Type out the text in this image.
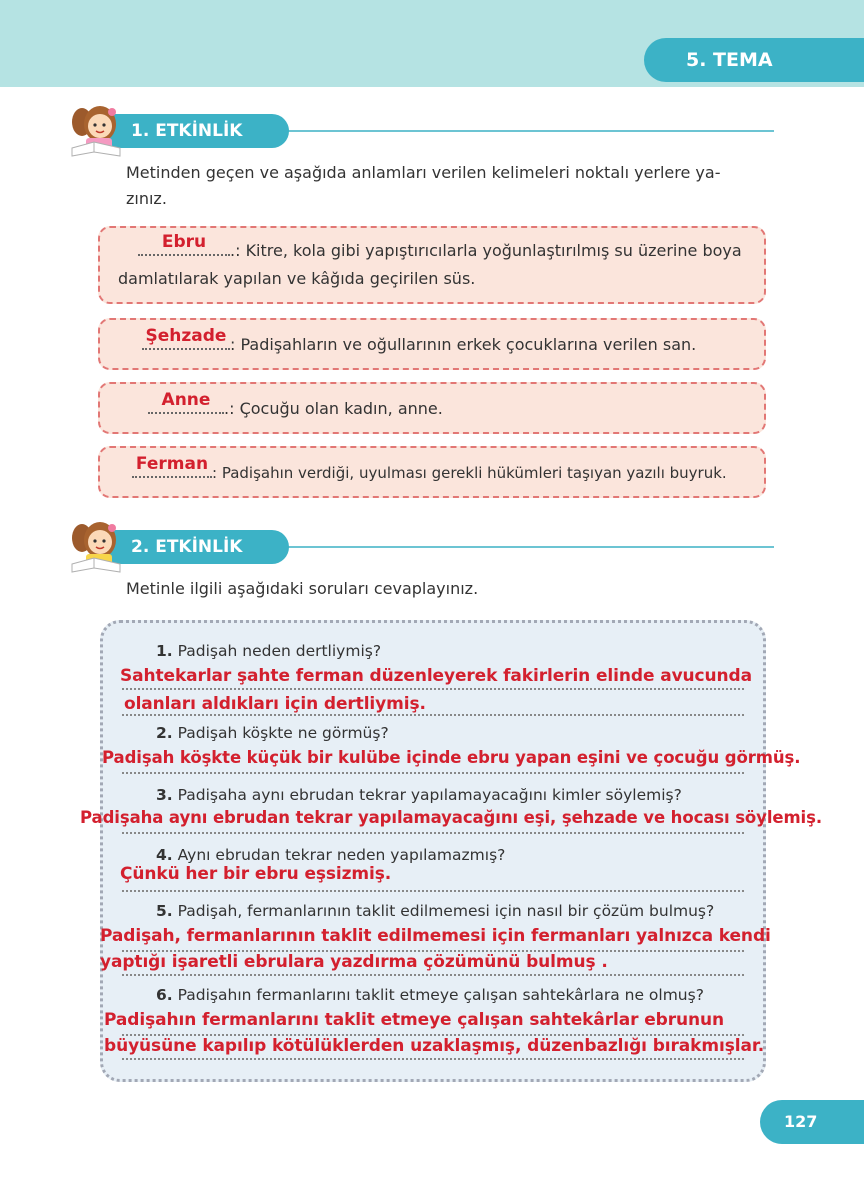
5. TEMA
1. ETKİNLİK
Metinden geçen ve aşağıda anlamları verilen kelimeleri noktalı yerlere ya-
zınız.
Ebru	.: Kitre, kola gibi yapıştırıcılarla yoğunlaştırılmış su üzerine boya
damlatılarak yapılan ve kâğıda geçirilen süs.
Şehzade : Padişahların ve oğullarının erkek çocuklarına verilen san.
Anne .: Çocuğu olan kadın, anne.
Ferman : Padişahın verdiği, uyulması gerekli hükümleri taşıyan yazılı buyruk.
2. ETKİNLİK
Metinle ilgili aşağıdaki soruları cevaplayınız.
1. Padişah neden dertliymiş?
Sahtekarlar şahte ferman düzenleyerek fakirlerin elinde avucunda
olanları aldıkları için dertliymiş.
2. Padişah köşkte ne görmüş?
Padişah köşkte küçük bir kulübe içinde ebru yapan eşini ve çocuğu görmüş.
3. Padişaha aynı ebrudan tekrar yapılamayacağını kimler söylemiş?
Padişaha aynı ebrudan tekrar yapılamayacağını eşi, şehzade ve hocası söylemiş.
4. Aynı ebrudan tekrar neden yapılamazmış?
Çünkü her bir ebru eşsizmiş.
5. Padişah, fermanlarının taklit edilmemesi için nasıl bir çözüm bulmuş?
Padişah, fermanlarının taklit edilmemesi için fermanları yalnızca kendi
yaptığı işaretli ebrulara yazdırma çözümünü bulmuş .
6. Padişahın fermanlarını taklit etmeye çalışan sahtekârlara ne olmuş?
Padişahın fermanlarını taklit etmeye çalışan sahtekârlar ebrunun
büyüsüne kapılıp kötülüklerden uzaklaşmış, düzenbazlığı bırakmışlar.
127
